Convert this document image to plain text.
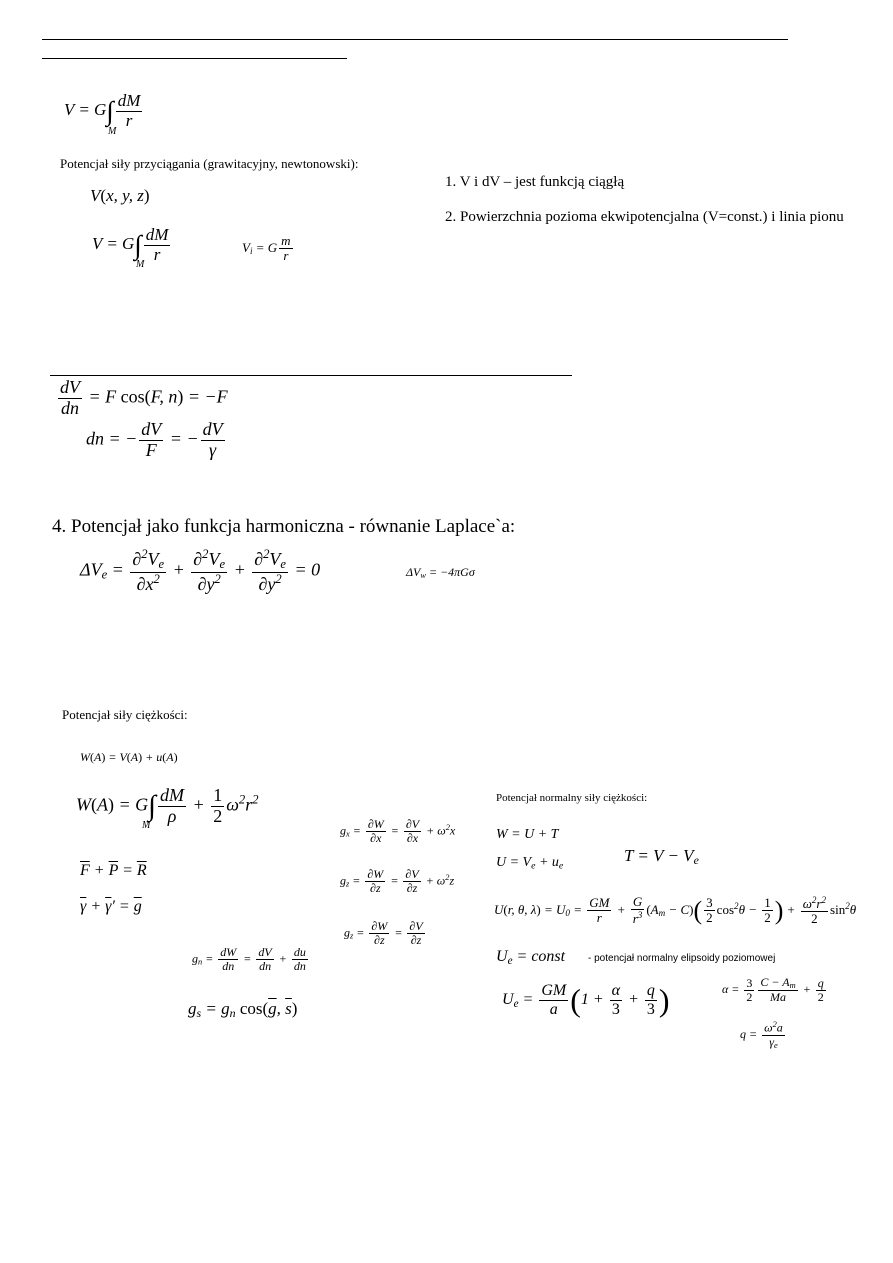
$V = G\int \frac{dM}{r}$
M
Potencjał siły przyciągania (grawitacyjny, newtonowski):
V(x, y, z)
$V = G\int \frac{dM}{r}$
M
$V_i = G \frac{m}{r}$
1. V i dV – jest funkcją ciągłą
2. Powierzchnia pozioma ekwipotencjalna (V=const.) i linia pionu
$\frac{dV}{dn} = F$ cos(F, n) = −F
dn = − $\frac{dV}{F}$ = − $\frac{dV}{\gamma}$
4. Potencjał jako funkcja harmoniczna - równanie Laplace`a:
$\Delta V_e = \frac{\partial^2V_e}{\partial x^2} + \frac{\partial^2V_e}{\partial y^2} + \frac{\partial^2V_e}{\partial y^2} = 0$	$\Delta V_w = -4\pi G\sigma$
Potencjał siły ciężkości:
W(A) = V(A) + u(A)
$W(A) = G\int \frac{dM}{\rho} + \frac{1}{2} \omega^2r^2$
M
$\overline{F} + \overline{P} = \overline{R}$
$\overline{\gamma} + \overline{\gamma}' = \overline{g}$
$g_n = \frac{dW}{dn} = \frac{dV}{dn} + \frac{du}{dn}$
$g_s = g_n$ $\cos(\overline{g}$, $\overline{s}$)
$g_x = \frac{\partial W}{\partial x} = \frac{\partial V}{\partial x} + \omega^2x$
$g_z = \frac{\partial W}{\partial z} = \frac{\partial V}{\partial z} + \omega^2z$
$g_z = \frac{\partial W}{\partial z} = \frac{\partial V}{\partial z}$
Potencjał normalny siły ciężkości:
W = U + T
$U = V_e + u_e$
$T = V - V_e$
U(r, θ, $\lambda) = U_0 = \frac{GM}{r} + \frac{G}{r^3} (A_m - C)( \frac{3}{2} \cos^2\theta - \frac{1}{2}$ ) + $\frac{\omega^2r^2}{2} \sin^2\theta$
$U_e$ = const - potencjał normalny elipsoidy poziomowej
$U_e = \frac{GM}{a} (1 + \frac{\alpha}{3} + \frac{q}{3}$ )	$\alpha = \frac{3}{2} \frac{C - A_m}{Ma} + \frac{q}{2}$
$q = \frac{\omega^2a}{\gamma_e}$
